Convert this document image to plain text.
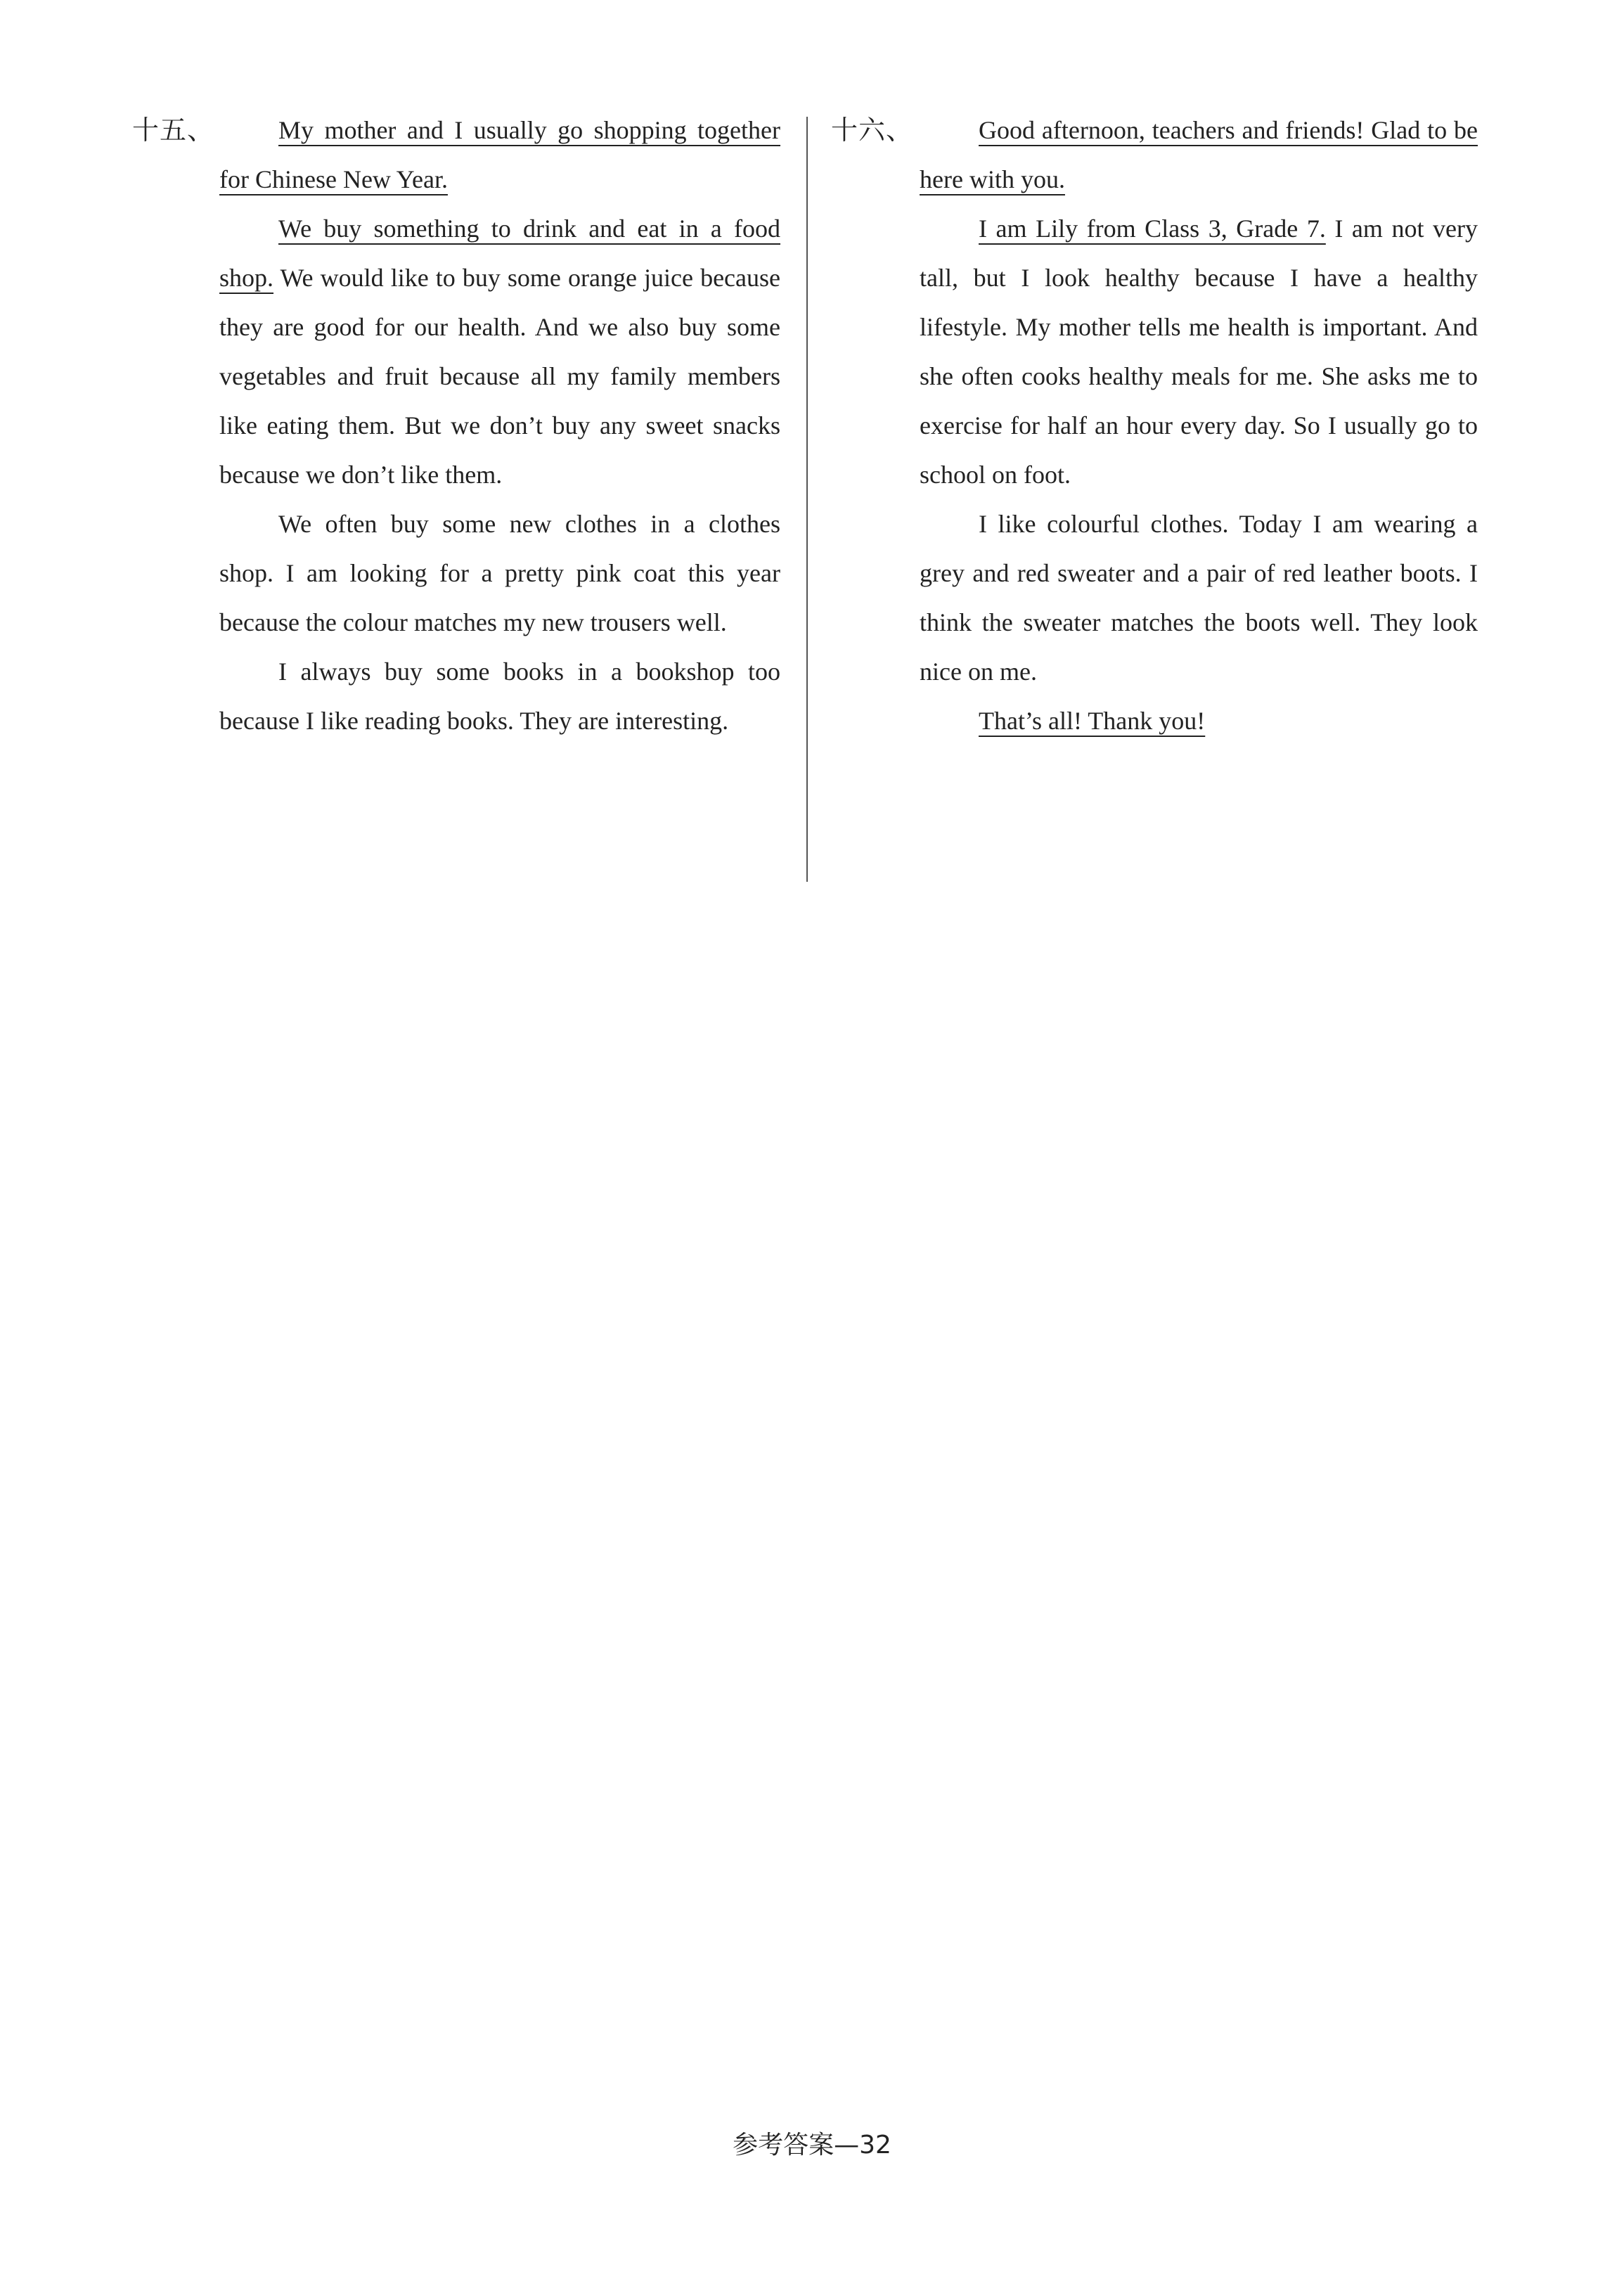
十五、	My mother and I usually go shopping together for Chinese New Year.

We buy something to drink and eat in a food shop. We would like to buy some orange juice because they are good for our health. And we also buy some vegetables and fruit because all my family members like eating them. But we don’t buy any sweet snacks because we don’t like them.

We often buy some new clothes in a clothes shop. I am looking for a pretty pink coat this year because the colour matches my new trousers well.

I always buy some books in a bookshop too because I like reading books. They are interesting.

十六、	Good afternoon, teachers and friends! Glad to be here with you.

I am Lily from Class 3, Grade 7. I am not very tall, but I look healthy because I have a healthy lifestyle. My mother tells me health is important. And she often cooks healthy meals for me. She asks me to exercise for half an hour every day. So I usually go to school on foot.

I like colourful clothes. Today I am wearing a grey and red sweater and a pair of red leather boots. I think the sweater matches the boots well. They look nice on me.

That’s all! Thank you!

参考答案—32
